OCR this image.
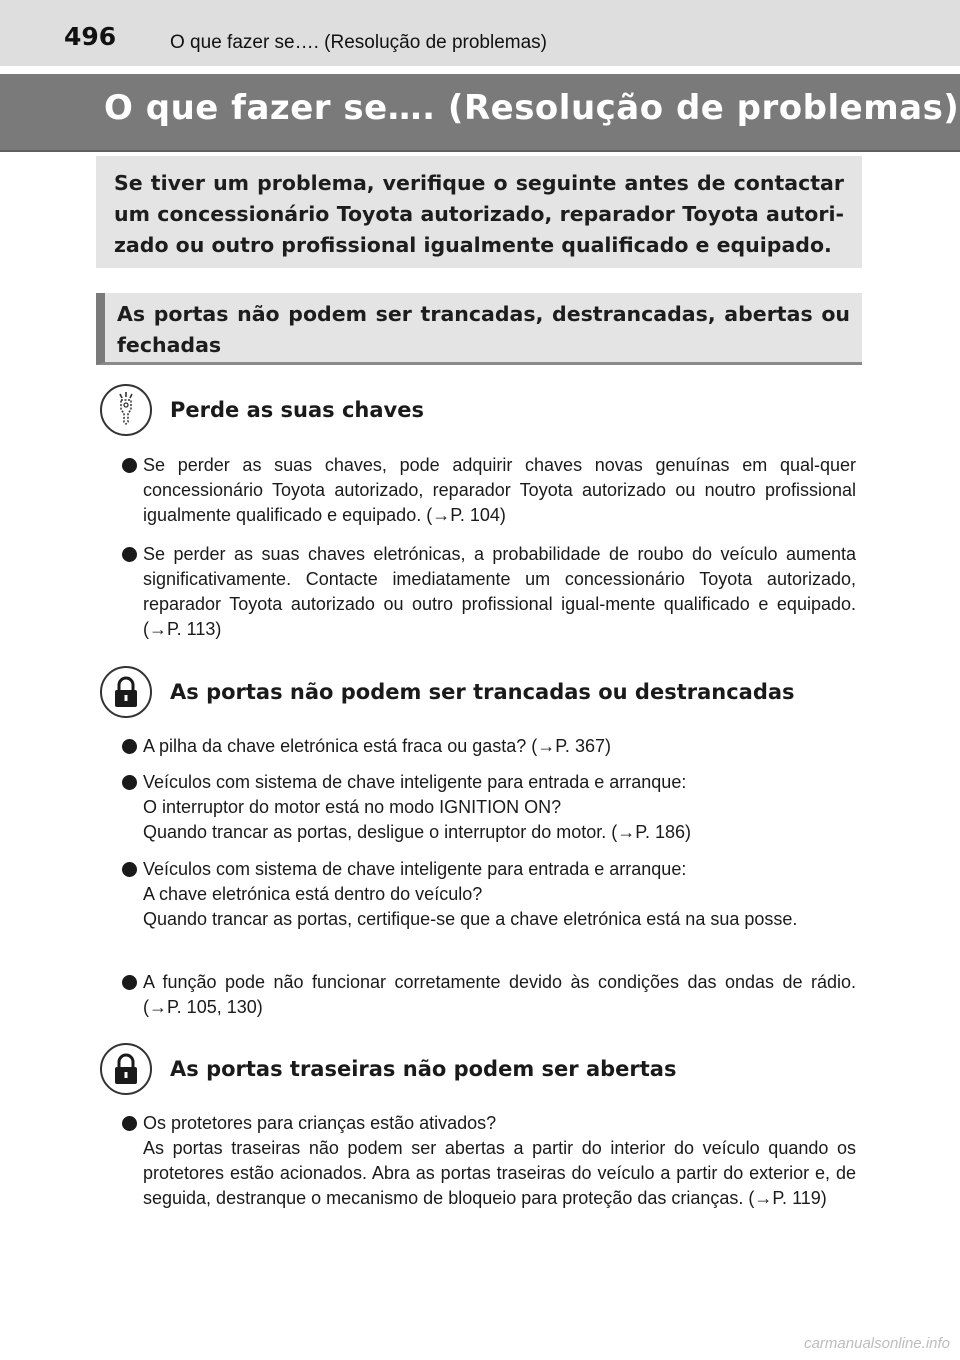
496	O que fazer se…. (Resolução de problemas)
O que fazer se…. (Resolução de problemas)

Se tiver um problema, verifique o seguinte antes de contactar um concessionário Toyota autorizado, reparador Toyota autori-zado ou outro profissional igualmente qualificado e equipado.

As portas não podem ser trancadas, destrancadas, abertas ou fechadas

Perde as suas chaves

Se perder as suas chaves, pode adquirir chaves novas genuínas em qual-quer concessionário Toyota autorizado, reparador Toyota autorizado ou noutro profissional igualmente qualificado e equipado. (→P. 104)

Se perder as suas chaves eletrónicas, a probabilidade de roubo do veículo aumenta significativamente. Contacte imediatamente um concessionário Toyota autorizado, reparador Toyota autorizado ou outro profissional igual-mente qualificado e equipado. (→P. 113)

As portas não podem ser trancadas ou destrancadas

A pilha da chave eletrónica está fraca ou gasta? (→P. 367)

Veículos com sistema de chave inteligente para entrada e arranque:
O interruptor do motor está no modo IGNITION ON?
Quando trancar as portas, desligue o interruptor do motor. (→P. 186)

Veículos com sistema de chave inteligente para entrada e arranque:
A chave eletrónica está dentro do veículo?
Quando trancar as portas, certifique-se que a chave eletrónica está na sua posse.

A função pode não funcionar corretamente devido às condições das ondas de rádio. (→P. 105, 130)

As portas traseiras não podem ser abertas

Os protetores para crianças estão ativados?
As portas traseiras não podem ser abertas a partir do interior do veículo quando os protetores estão acionados. Abra as portas traseiras do veículo a partir do exterior e, de seguida, destranque o mecanismo de bloqueio para proteção das crianças. (→P. 119)

carmanualsonline.info
